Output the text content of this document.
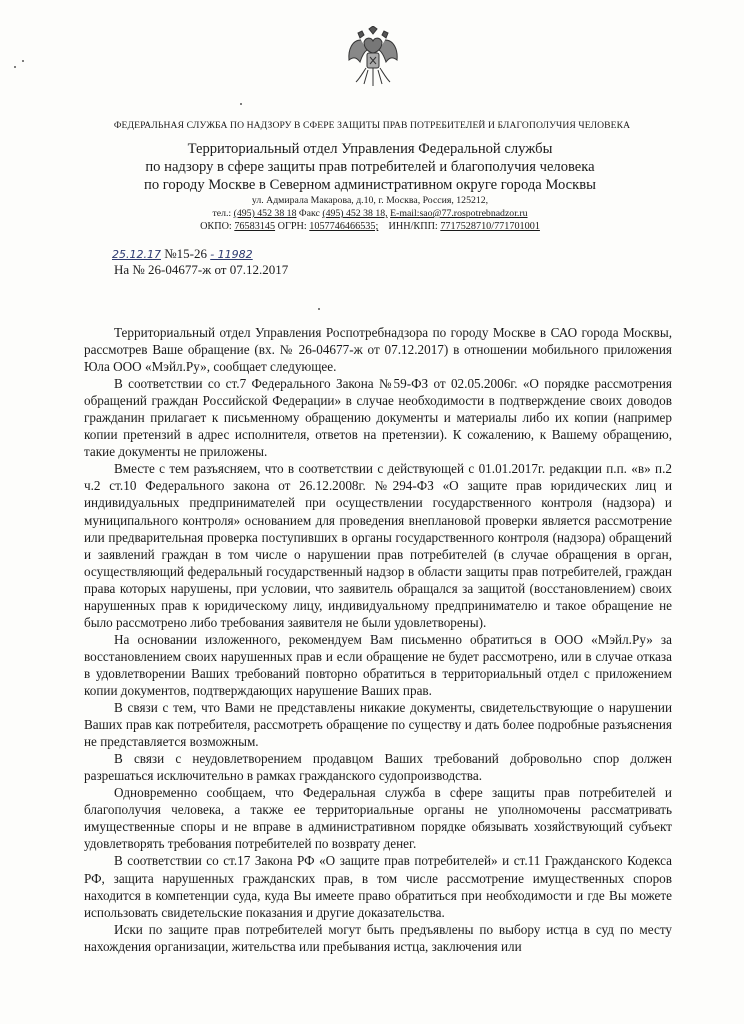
ФЕДЕРАЛЬНАЯ СЛУЖБА ПО НАДЗОРУ В СФЕРЕ ЗАЩИТЫ ПРАВ ПОТРЕБИТЕЛЕЙ И БЛАГОПОЛУЧИЯ ЧЕЛОВЕКА
Территориальный отдел Управления Федеральной службы
по надзору в сфере защиты прав потребителей и благополучия человека
по городу Москве в Северном административном округе города Москвы
ул. Адмирала Макарова, д.10, г. Москва, Россия, 125212,
тел.: (495) 452 38 18 Факс (495) 452 38 18, E-mail:sao@77.rospotrebnadzor.ru
ОКПО: 76583145 ОГРН: 1057746466535; ИНН/КПП: 7717528710/771701001
25.12.17 №15-26 - 11982
На № 26-04677-ж от 07.12.2017

Территориальный отдел Управления Роспотребнадзора по городу Москве в САО города Москвы, рассмотрев Ваше обращение (вх. № 26-04677-ж от 07.12.2017) в отношении мобильного приложения Юла ООО «Мэйл.Ру», сообщает следующее.

В соответствии со ст.7 Федерального Закона №59-ФЗ от 02.05.2006г. «О порядке рассмотрения обращений граждан Российской Федерации» в случае необходимости в подтверждение своих доводов гражданин прилагает к письменному обращению документы и материалы либо их копии (например копии претензий в адрес исполнителя, ответов на претензии). К сожалению, к Вашему обращению, такие документы не приложены.

Вместе с тем разъясняем, что в соответствии с действующей с 01.01.2017г. редакции п.п. «в» п.2 ч.2 ст.10 Федерального закона от 26.12.2008г. №294-ФЗ «О защите прав юридических лиц и индивидуальных предпринимателей при осуществлении государственного контроля (надзора) и муниципального контроля» основанием для проведения внеплановой проверки является рассмотрение или предварительная проверка поступивших в органы государственного контроля (надзора) обращений и заявлений граждан в том числе о нарушении прав потребителей (в случае обращения в орган, осуществляющий федеральный государственный надзор в области защиты прав потребителей, граждан права которых нарушены, при условии, что заявитель обращался за защитой (восстановлением) своих нарушенных прав к юридическому лицу, индивидуальному предпринимателю и такое обращение не было рассмотрено либо требования заявителя не были удовлетворены).

На основании изложенного, рекомендуем Вам письменно обратиться в ООО «Мэйл.Ру» за восстановлением своих нарушенных прав и если обращение не будет рассмотрено, или в случае отказа в удовлетворении Ваших требований повторно обратиться в территориальный отдел с приложением копии документов, подтверждающих нарушение Ваших прав.

В связи с тем, что Вами не представлены никакие документы, свидетельствующие о нарушении Ваших прав как потребителя, рассмотреть обращение по существу и дать более подробные разъяснения не представляется возможным.

В связи с неудовлетворением продавцом Ваших требований добровольно спор должен разрешаться исключительно в рамках гражданского судопроизводства.

Одновременно сообщаем, что Федеральная служба в сфере защиты прав потребителей и благополучия человека, а также ее территориальные органы не уполномочены рассматривать имущественные споры и не вправе в административном порядке обязывать хозяйствующий субъект удовлетворять требования потребителей по возврату денег.

В соответствии со ст.17 Закона РФ «О защите прав потребителей» и ст.11 Гражданского Кодекса РФ, защита нарушенных гражданских прав, в том числе рассмотрение имущественных споров находится в компетенции суда, куда Вы имеете право обратиться при необходимости и где Вы можете использовать свидетельские показания и другие доказательства.

Иски по защите прав потребителей могут быть предъявлены по выбору истца в суд по месту нахождения организации, жительства или пребывания истца, заключения или
